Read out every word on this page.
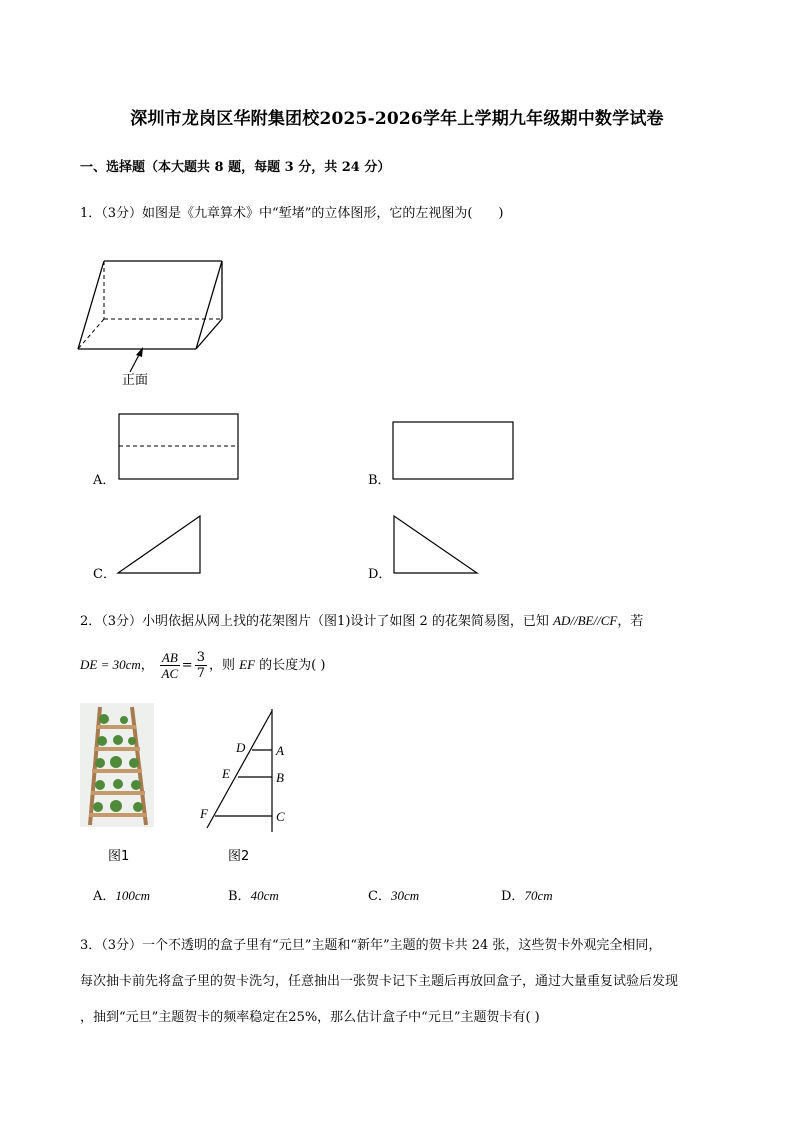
深圳市龙岗区华附集团校2025-2026学年上学期九年级期中数学试卷
一、选择题（本大题共 8 题，每题 3 分，共 24 分）
1．（3分）如图是《九章算术》中“堑堵”的立体图形，它的左视图为(　　)
正面
A．	B．
C．	D．
2．（3分）小明依据从网上找的花架图片（图1)设计了如图 2 的花架简易图，已知 AD//BE//CF，若
DE = 30cm， $\frac{AB}{AC} = \frac{3}{7}$ ，则 EF 的长度为( )
图1
D A
E	B
F	C
图2
A．100cm	B．40cm	C．30cm	D．70cm
3．（3分）一个不透明的盒子里有“元旦”主题和“新年”主题的贺卡共 24 张，这些贺卡外观完全相同，
每次抽卡前先将盒子里的贺卡洗匀，任意抽出一张贺卡记下主题后再放回盒子，通过大量重复试验后发现
，抽到“元旦”主题贺卡的频率稳定在25%，那么估计盒子中“元旦”主题贺卡有( )
